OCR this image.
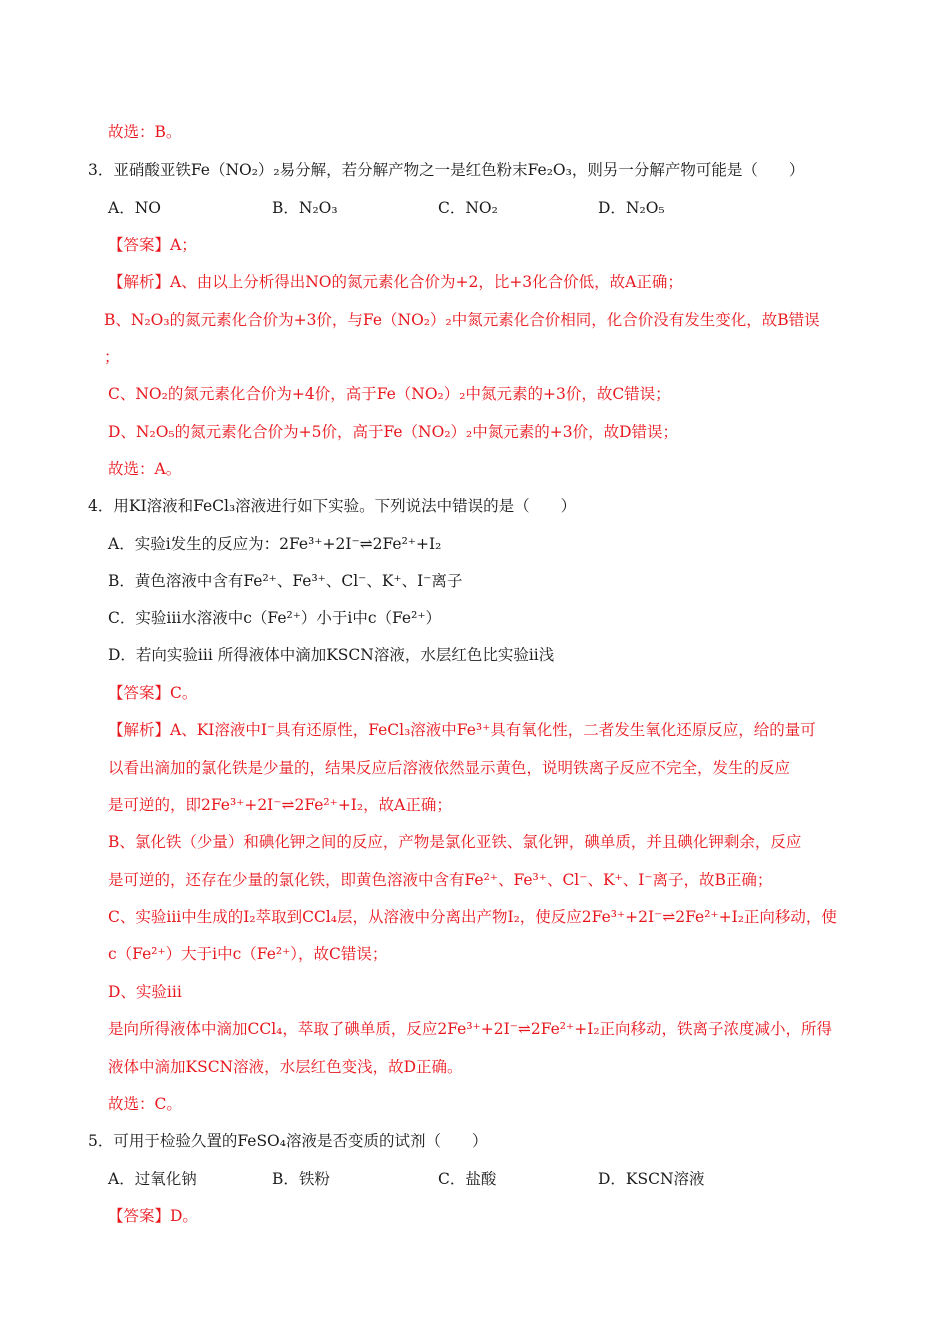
故选：B。
3．亚硝酸亚铁Fe（NO₂）₂易分解，若分解产物之一是红色粉末Fe₂O₃，则另一分解产物可能是（　　）
A．NO	B．N₂O₃	C．NO₂	D．N₂O₅
【答案】A；
【解析】A、由以上分析得出NO的氮元素化合价为+2，比+3化合价低，故A正确；
B、N₂O₃的氮元素化合价为+3价，与Fe（NO₂）₂中氮元素化合价相同，化合价没有发生变化，故B错误
；
C、NO₂的氮元素化合价为+4价，高于Fe（NO₂）₂中氮元素的+3价，故C错误；
D、N₂O₅的氮元素化合价为+5价，高于Fe（NO₂）₂中氮元素的+3价，故D错误；
故选：A。
4．用KI溶液和FeCl₃溶液进行如下实验。下列说法中错误的是（　　）
A．实验i发生的反应为：2Fe³⁺+2I⁻⇌2Fe²⁺+I₂
B．黄色溶液中含有Fe²⁺、Fe³⁺、Cl⁻、K⁺、I⁻离子
C．实验iii水溶液中c（Fe²⁺）小于i中c（Fe²⁺）
D．若向实验iii 所得液体中滴加KSCN溶液，水层红色比实验ii浅
【答案】C。
【解析】A、KI溶液中I⁻具有还原性，FeCl₃溶液中Fe³⁺具有氧化性，二者发生氧化还原反应，给的量可
以看出滴加的氯化铁是少量的，结果反应后溶液依然显示黄色，说明铁离子反应不完全，发生的反应
是可逆的，即2Fe³⁺+2I⁻⇌2Fe²⁺+I₂，故A正确；
B、氯化铁（少量）和碘化钾之间的反应，产物是氯化亚铁、氯化钾，碘单质，并且碘化钾剩余，反应
是可逆的，还存在少量的氯化铁，即黄色溶液中含有Fe²⁺、Fe³⁺、Cl⁻、K⁺、I⁻离子，故B正确；
C、实验iii中生成的I₂萃取到CCl₄层，从溶液中分离出产物I₂，使反应2Fe³⁺+2I⁻⇌2Fe²⁺+I₂正向移动，使
c（Fe²⁺）大于i中c（Fe²⁺），故C错误；
D、实验iii
是向所得液体中滴加CCl₄，萃取了碘单质，反应2Fe³⁺+2I⁻⇌2Fe²⁺+I₂正向移动，铁离子浓度减小，所得
液体中滴加KSCN溶液，水层红色变浅，故D正确。
故选：C。
5．可用于检验久置的FeSO₄溶液是否变质的试剂（　　）
A．过氧化钠	B．铁粉	C．盐酸	D．KSCN溶液
【答案】D。
